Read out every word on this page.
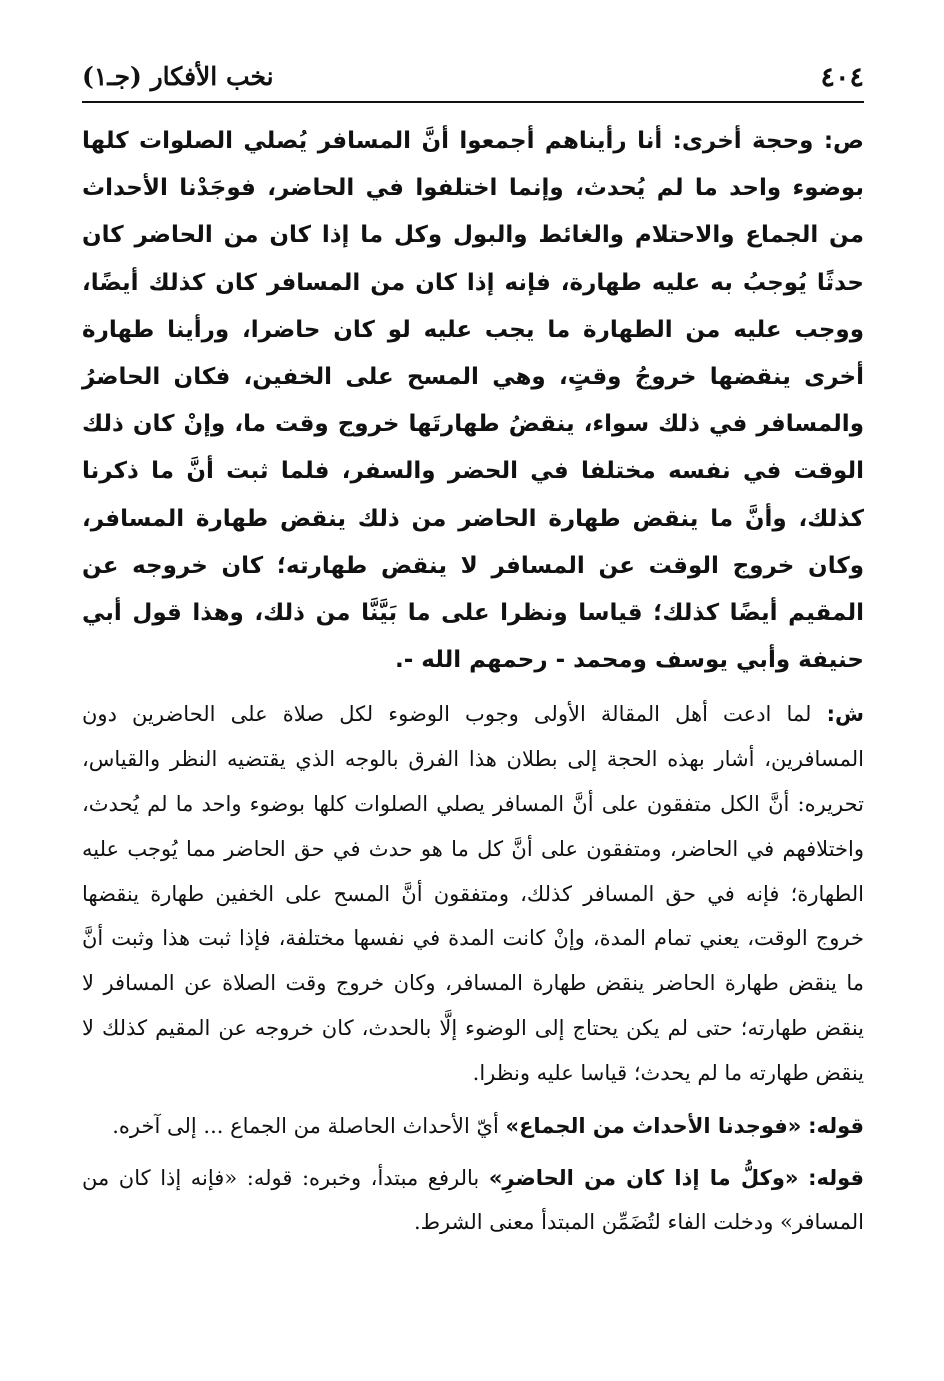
٤٠٤
نخب الأفكار (جـ١)

ص: وحجة أخرى: أنا رأيناهم أجمعوا أنَّ المسافر يُصلي الصلوات كلها بوضوء واحد ما لم يُحدث، وإنما اختلفوا في الحاضر، فوجَدْنا الأحداث من الجماع والاحتلام والغائط والبول وكل ما إذا كان من الحاضر كان حدثًا يُوجبُ به عليه طهارة، فإنه إذا كان من المسافر كان كذلك أيضًا، ووجب عليه من الطهارة ما يجب عليه لو كان حاضرا، ورأينا طهارة أخرى ينقضها خروجُ وقتٍ، وهي المسح على الخفين، فكان الحاضرُ والمسافر في ذلك سواء، ينقضُ طهارتَها خروج وقت ما، وإنْ كان ذلك الوقت في نفسه مختلفا في الحضر والسفر، فلما ثبت أنَّ ما ذكرنا كذلك، وأنَّ ما ينقض طهارة الحاضر من ذلك ينقض طهارة المسافر، وكان خروج الوقت عن المسافر لا ينقض طهارته؛ كان خروجه عن المقيم أيضًا كذلك؛ قياسا ونظرا على ما بَيَّنَّا من ذلك، وهذا قول أبي حنيفة وأبي يوسف ومحمد - رحمهم الله -.

ش: لما ادعت أهل المقالة الأولى وجوب الوضوء لكل صلاة على الحاضرين دون المسافرين، أشار بهذه الحجة إلى بطلان هذا الفرق بالوجه الذي يقتضيه النظر والقياس، تحريره: أنَّ الكل متفقون على أنَّ المسافر يصلي الصلوات كلها بوضوء واحد ما لم يُحدث، واختلافهم في الحاضر، ومتفقون على أنَّ كل ما هو حدث في حق الحاضر مما يُوجب عليه الطهارة؛ فإنه في حق المسافر كذلك، ومتفقون أنَّ المسح على الخفين طهارة ينقضها خروج الوقت، يعني تمام المدة، وإنْ كانت المدة في نفسها مختلفة، فإذا ثبت هذا وثبت أنَّ ما ينقض طهارة الحاضر ينقض طهارة المسافر، وكان خروج وقت الصلاة عن المسافر لا ينقض طهارته؛ حتى لم يكن يحتاج إلى الوضوء إلَّا بالحدث، كان خروجه عن المقيم كذلك لا ينقض طهارته ما لم يحدث؛ قياسا عليه ونظرا.

قوله: «فوجدنا الأحداث من الجماع» أيّ الأحداث الحاصلة من الجماع ... إلى آخره.

قوله: «وكلُّ ما إذا كان من الحاضرِ» بالرفع مبتدأ، وخبره: قوله: «فإنه إذا كان من المسافر» ودخلت الفاء لتُضَمِّن المبتدأ معنى الشرط.
